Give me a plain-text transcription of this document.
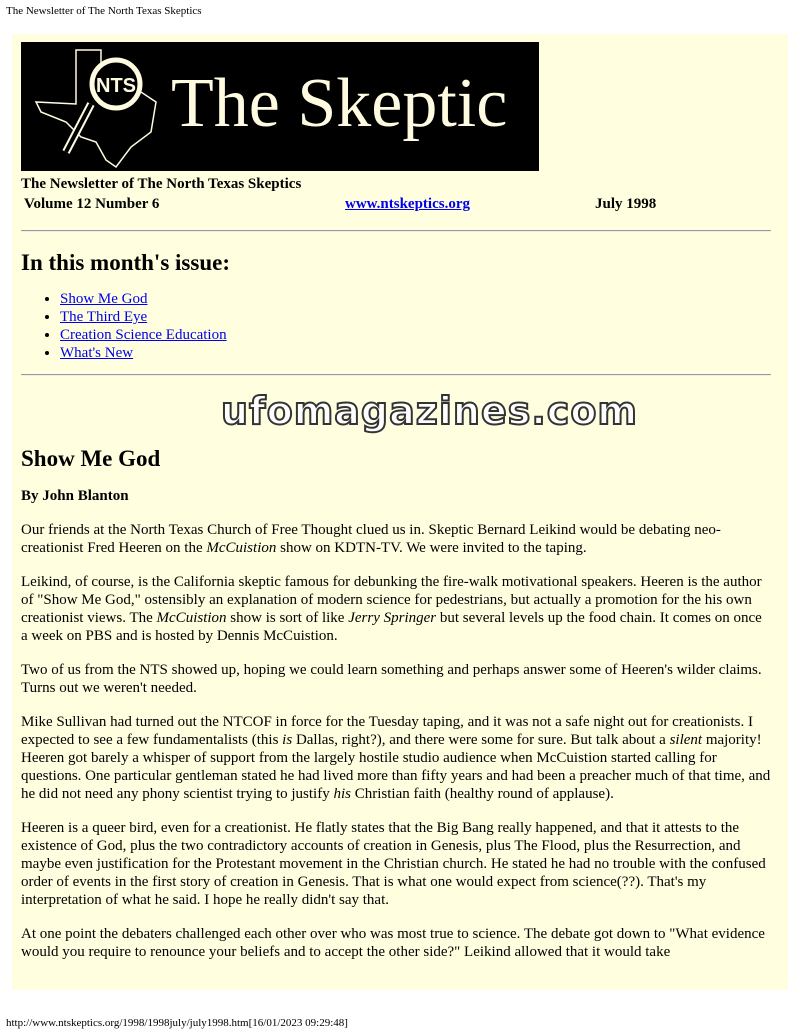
The Newsletter of The North Texas Skeptics
NTS The Skeptic
The Newsletter of The North Texas Skeptics
Volume 12 Number 6	www.ntskeptics.org	July 1998
In this month's issue:
• Show Me God
• The Third Eye
• Creation Science Education
• What's New
ufomagazines.com
Show Me God
By John Blanton

Our friends at the North Texas Church of Free Thought clued us in. Skeptic Bernard Leikind would be debating neo-creationist Fred Heeren on the McCuistion show on KDTN-TV. We were invited to the taping.

Leikind, of course, is the California skeptic famous for debunking the fire-walk motivational speakers. Heeren is the author of "Show Me God," ostensibly an explanation of modern science for pedestrians, but actually a promotion for the his own creationist views. The McCuistion show is sort of like Jerry Springer but several levels up the food chain. It comes on once a week on PBS and is hosted by Dennis McCuistion.

Two of us from the NTS showed up, hoping we could learn something and perhaps answer some of Heeren's wilder claims. Turns out we weren't needed.

Mike Sullivan had turned out the NTCOF in force for the Tuesday taping, and it was not a safe night out for creationists. I expected to see a few fundamentalists (this is Dallas, right?), and there were some for sure. But talk about a silent majority! Heeren got barely a whisper of support from the largely hostile studio audience when McCuistion started calling for questions. One particular gentleman stated he had lived more than fifty years and had been a preacher much of that time, and he did not need any phony scientist trying to justify his Christian faith (healthy round of applause).

Heeren is a queer bird, even for a creationist. He flatly states that the Big Bang really happened, and that it attests to the existence of God, plus the two contradictory accounts of creation in Genesis, plus The Flood, plus the Resurrection, and maybe even justification for the Protestant movement in the Christian church. He stated he had no trouble with the confused order of events in the first story of creation in Genesis. That is what one would expect from science(??). That's my interpretation of what he said. I hope he really didn't say that.

At one point the debaters challenged each other over who was most true to science. The debate got down to "What evidence would you require to renounce your beliefs and to accept the other side?" Leikind allowed that it would take

http://www.ntskeptics.org/1998/1998july/july1998.htm[16/01/2023 09:29:48]
